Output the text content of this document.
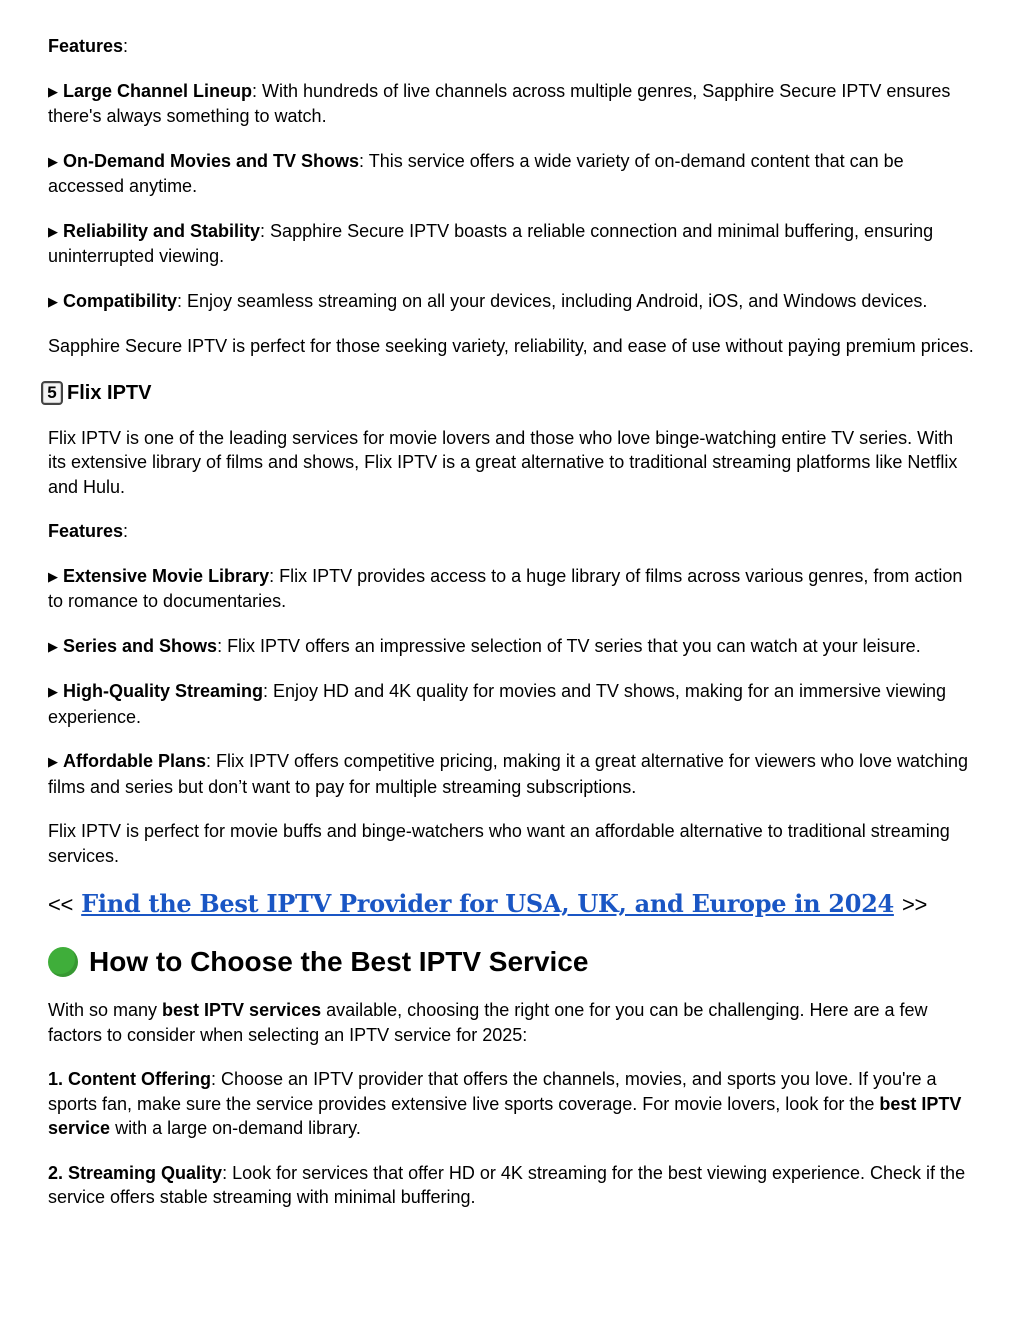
Features:

▶ Large Channel Lineup: With hundreds of live channels across multiple genres, Sapphire Secure IPTV ensures there's always something to watch.

▶ On-Demand Movies and TV Shows: This service offers a wide variety of on-demand content that can be accessed anytime.

▶ Reliability and Stability: Sapphire Secure IPTV boasts a reliable connection and minimal buffering, ensuring uninterrupted viewing.

▶ Compatibility: Enjoy seamless streaming on all your devices, including Android, iOS, and Windows devices.

Sapphire Secure IPTV is perfect for those seeking variety, reliability, and ease of use without paying premium prices.

5 Flix IPTV

Flix IPTV is one of the leading services for movie lovers and those who love binge-watching entire TV series. With its extensive library of films and shows, Flix IPTV is a great alternative to traditional streaming platforms like Netflix and Hulu.

Features:

▶ Extensive Movie Library: Flix IPTV provides access to a huge library of films across various genres, from action to romance to documentaries.

▶ Series and Shows: Flix IPTV offers an impressive selection of TV series that you can watch at your leisure.

▶ High-Quality Streaming: Enjoy HD and 4K quality for movies and TV shows, making for an immersive viewing experience.

▶ Affordable Plans: Flix IPTV offers competitive pricing, making it a great alternative for viewers who love watching films and series but don’t want to pay for multiple streaming subscriptions.

Flix IPTV is perfect for movie buffs and binge-watchers who want an affordable alternative to traditional streaming services.

<< Find the Best IPTV Provider for USA, UK, and Europe in 2024 >>
How to Choose the Best IPTV Service

With so many best IPTV services available, choosing the right one for you can be challenging. Here are a few factors to consider when selecting an IPTV service for 2025:

1. Content Offering: Choose an IPTV provider that offers the channels, movies, and sports you love. If you're a sports fan, make sure the service provides extensive live sports coverage. For movie lovers, look for the best IPTV service with a large on-demand library.

2. Streaming Quality: Look for services that offer HD or 4K streaming for the best viewing experience. Check if the service offers stable streaming with minimal buffering.
